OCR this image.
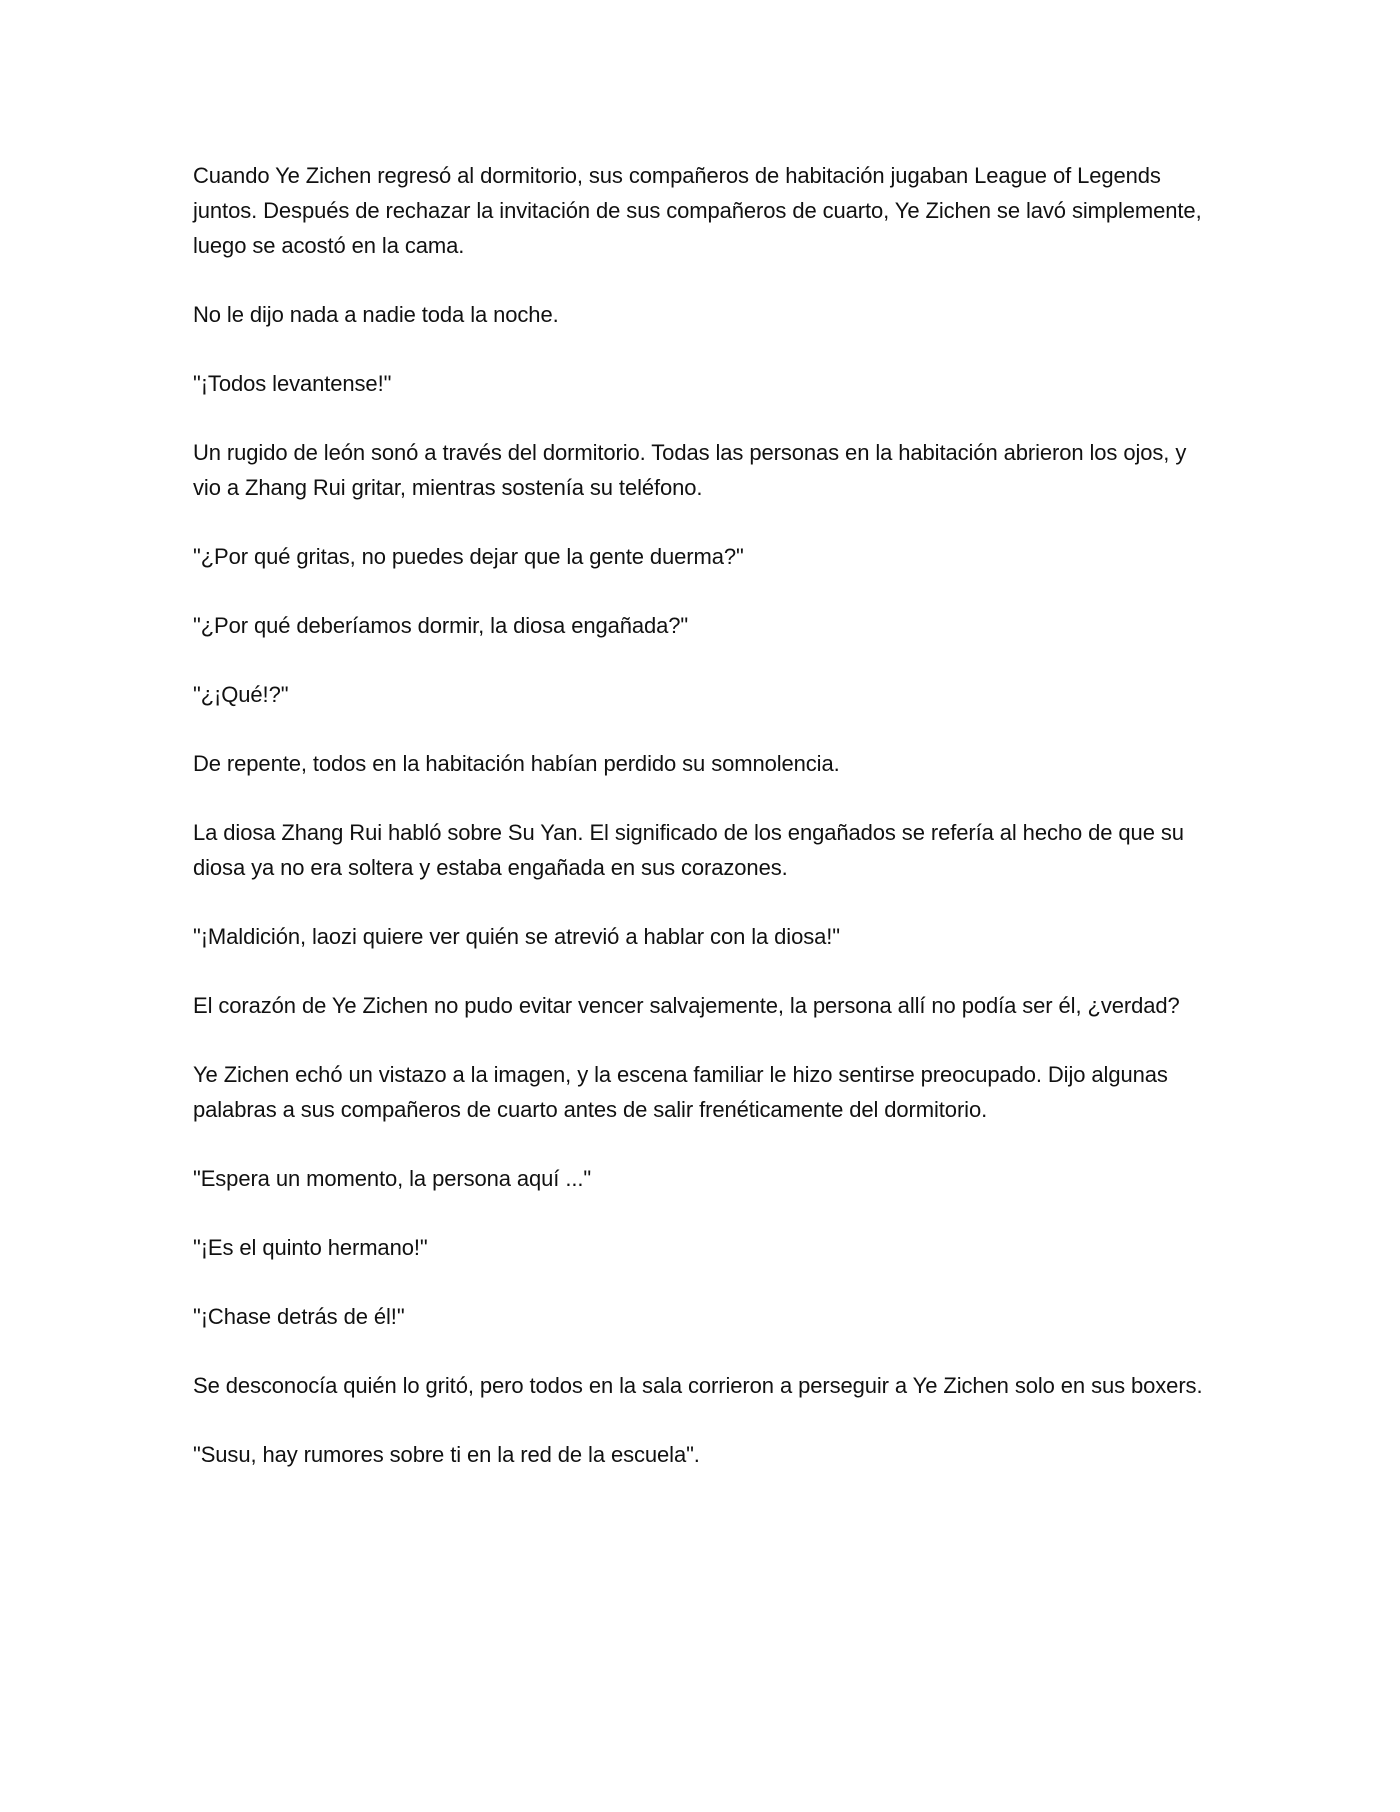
Cuando Ye Zichen regresó al dormitorio, sus compañeros de habitación jugaban League of Legends juntos. Después de rechazar la invitación de sus compañeros de cuarto, Ye Zichen se lavó simplemente, luego se acostó en la cama.

No le dijo nada a nadie toda la noche.

"¡Todos levantense!"

Un rugido de león sonó a través del dormitorio. Todas las personas en la habitación abrieron los ojos, y vio a Zhang Rui gritar, mientras sostenía su teléfono.

"¿Por qué gritas, no puedes dejar que la gente duerma?"

"¿Por qué deberíamos dormir, la diosa engañada?"

"¿¡Qué!?"

De repente, todos en la habitación habían perdido su somnolencia.

La diosa Zhang Rui habló sobre Su Yan. El significado de los engañados se refería al hecho de que su diosa ya no era soltera y estaba engañada en sus corazones.

"¡Maldición, laozi quiere ver quién se atrevió a hablar con la diosa!"

El corazón de Ye Zichen no pudo evitar vencer salvajemente, la persona allí no podía ser él, ¿verdad?

Ye Zichen echó un vistazo a la imagen, y la escena familiar le hizo sentirse preocupado. Dijo algunas palabras a sus compañeros de cuarto antes de salir frenéticamente del dormitorio.

"Espera un momento, la persona aquí ..."

"¡Es el quinto hermano!"

"¡Chase detrás de él!"

Se desconocía quién lo gritó, pero todos en la sala corrieron a perseguir a Ye Zichen solo en sus boxers.

"Susu, hay rumores sobre ti en la red de la escuela".
